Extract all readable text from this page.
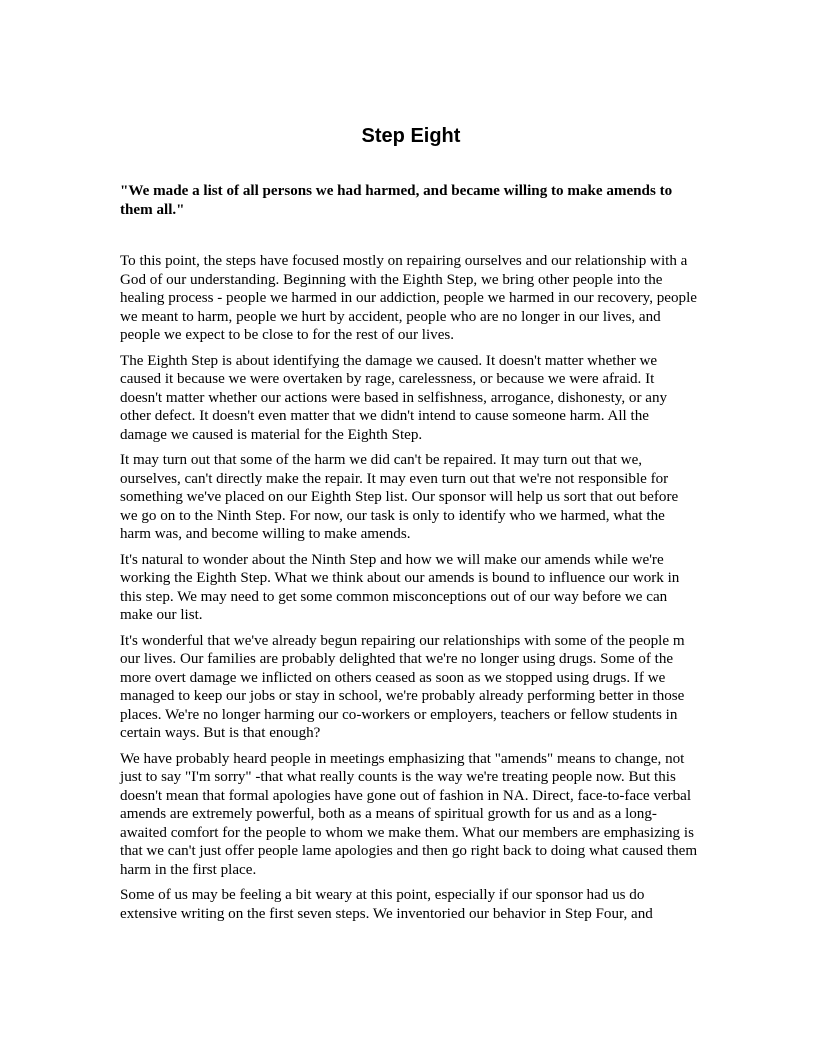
Step Eight

"We made a list of all persons we had harmed, and became willing to make amends to them all."

To this point, the steps have focused mostly on repairing ourselves and our relationship with a God of our understanding. Beginning with the Eighth Step, we bring other people into the healing process - people we harmed in our addiction, people we harmed in our recovery, people we meant to harm, people we hurt by accident, people who are no longer in our lives, and people we expect to be close to for the rest of our lives.

The Eighth Step is about identifying the damage we caused. It doesn't matter whether we caused it because we were overtaken by rage, carelessness, or because we were afraid. It doesn't matter whether our actions were based in selfishness, arrogance, dishonesty, or any other defect. It doesn't even matter that we didn't intend to cause someone harm. All the damage we caused is material for the Eighth Step.

It may turn out that some of the harm we did can't be repaired. It may turn out that we, ourselves, can't directly make the repair. It may even turn out that we're not responsible for something we've placed on our Eighth Step list. Our sponsor will help us sort that out before we go on to the Ninth Step. For now, our task is only to identify who we harmed, what the harm was, and become willing to make amends.

It's natural to wonder about the Ninth Step and how we will make our amends while we're working the Eighth Step. What we think about our amends is bound to influence our work in this step. We may need to get some common misconceptions out of our way before we can make our list.

It's wonderful that we've already begun repairing our relationships with some of the people m our lives. Our families are probably delighted that we're no longer using drugs. Some of the more overt damage we inflicted on others ceased as soon as we stopped using drugs. If we managed to keep our jobs or stay in school, we're probably already performing better in those places. We're no longer harming our co-workers or employers, teachers or fellow students in certain ways. But is that enough?

We have probably heard people in meetings emphasizing that "amends" means to change, not just to say "I'm sorry" -that what really counts is the way we're treating people now. But this doesn't mean that formal apologies have gone out of fashion in NA. Direct, face-to-face verbal amends are extremely powerful, both as a means of spiritual growth for us and as a long-awaited comfort for the people to whom we make them. What our members are emphasizing is that we can't just offer people lame apologies and then go right back to doing what caused them harm in the first place.

Some of us may be feeling a bit weary at this point, especially if our sponsor had us do extensive writing on the first seven steps. We inventoried our behavior in Step Four, and
